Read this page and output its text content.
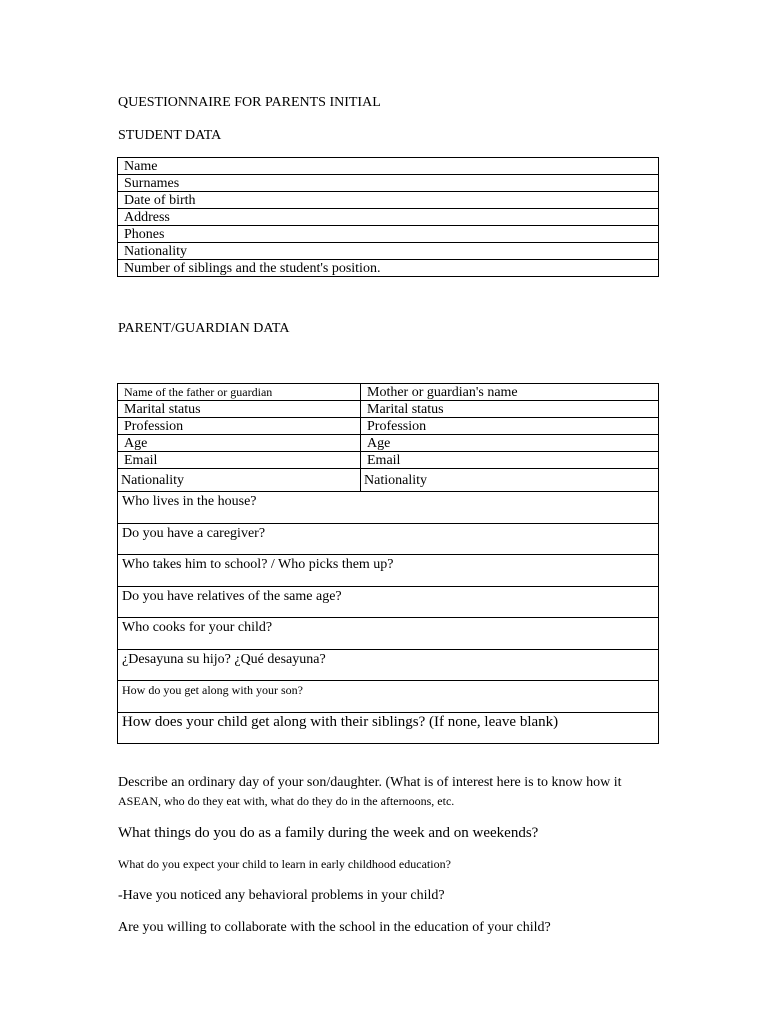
QUESTIONNAIRE FOR PARENTS INITIAL
STUDENT DATA
Name
Surnames
Date of birth
Address
Phones
Nationality
Number of siblings and the student's position.
PARENT/GUARDIAN DATA
Name of the father or guardian	Mother or guardian's name
Marital status	Marital status
Profession	Profession
Age	Age
Email	Email
Nationality	Nationality
Who lives in the house?	
Do you have a caregiver?	
Who takes him to school? / Who picks them up?	
Do you have relatives of the same age?	
Who cooks for your child?	
¿Desayuna su hijo? ¿Qué desayuna?	
How do you get along with your son?	
How does your child get along with their siblings? (If none, leave blank)	
Describe an ordinary day of your son/daughter. (What is of interest here is to know how it
ASEAN, who do they eat with, what do they do in the afternoons, etc.
What things do you do as a family during the week and on weekends?
What do you expect your child to learn in early childhood education?
-Have you noticed any behavioral problems in your child?
Are you willing to collaborate with the school in the education of your child?
